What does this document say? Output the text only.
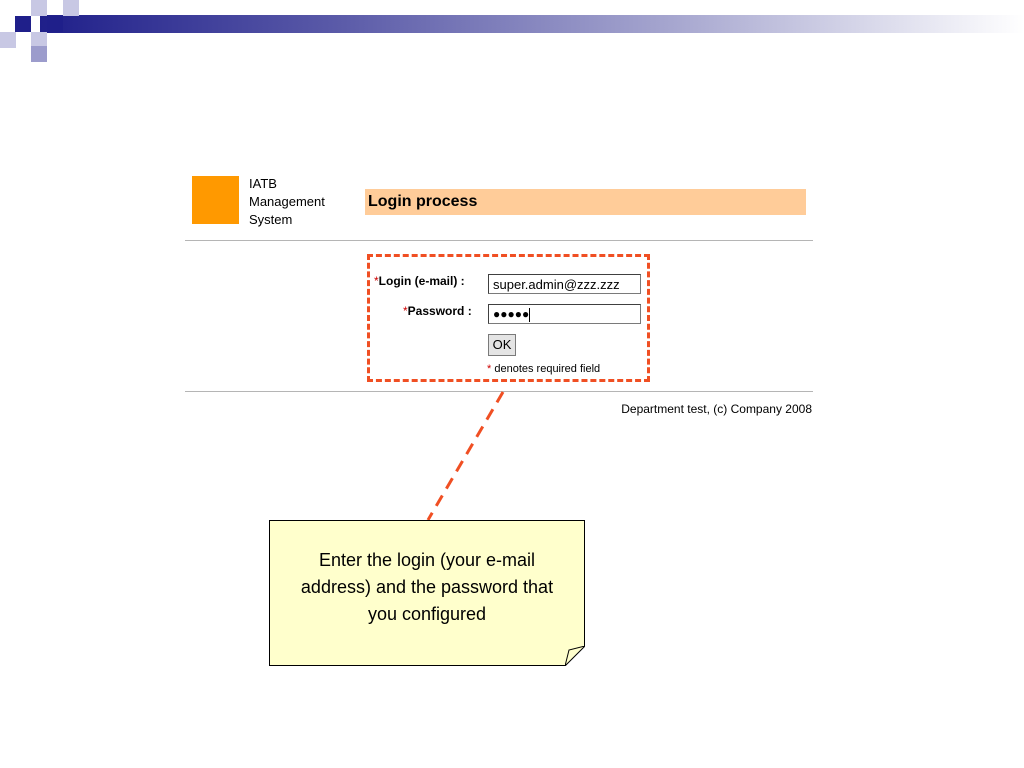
IATB
Management
System
Login process
*Login (e-mail) :
super.admin@zzz.zzz
*Password :	●●●●●
OK
* denotes required field
Department test, (c) Company 2008
Enter the login (your e-mail address) and the password that you configured
